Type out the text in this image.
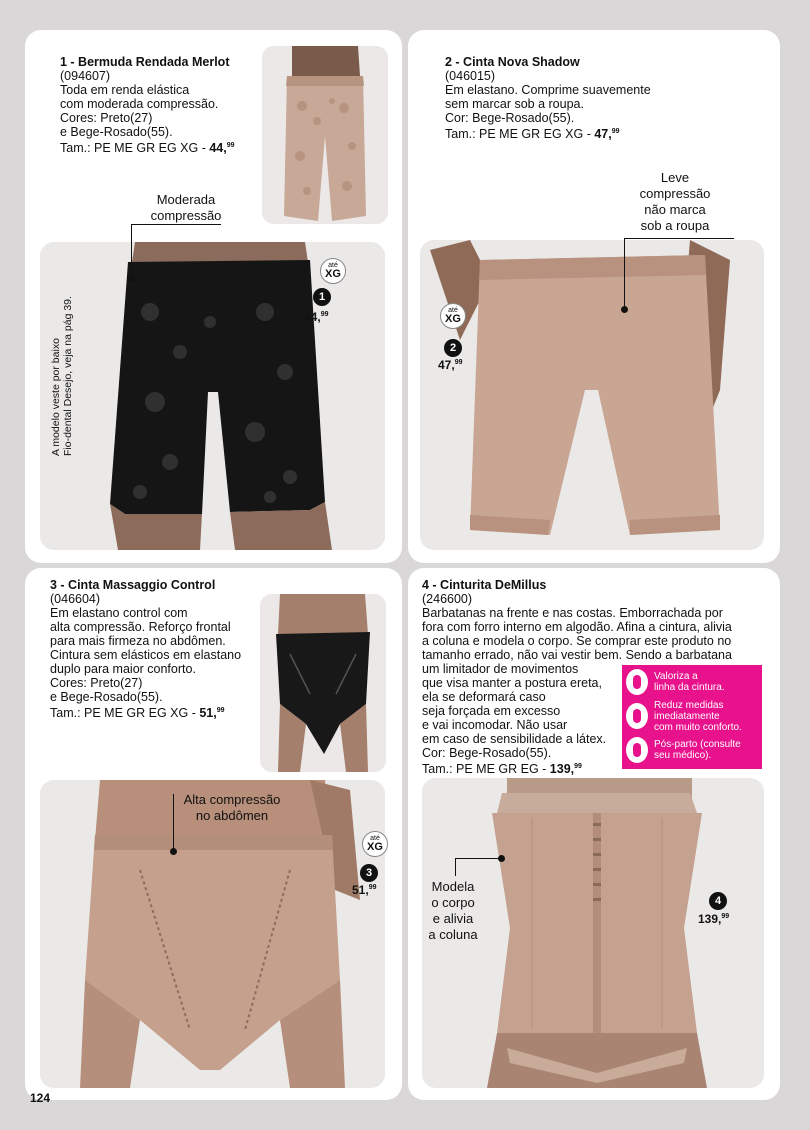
1 - Bermuda Rendada Merlot

(094607)

Toda em renda elástica

com moderada compressão.

Cores: Preto(27)

e Bege-Rosado(55).

Tam.: PE ME GR EG XG - 44,99

Moderada

compressão

A modelo veste por baixo Fio-dental Desejo, veja na pág 39.

até
XG
1
44,99

2 - Cinta Nova Shadow

(046015)

Em elastano. Comprime suavemente

sem marcar sob a roupa.

Cor: Bege-Rosado(55).

Tam.: PE ME GR EG XG - 47,99

Leve

compressão

não marca

sob a roupa

até
XG
2
47,99

3 - Cinta Massaggio Control

(046604)

Em elastano control com

alta compressão. Reforço frontal

para mais firmeza no abdômen.

Cintura sem elásticos em elastano

duplo para maior conforto.

Cores: Preto(27)

e Bege-Rosado(55).

Tam.: PE ME GR EG XG - 51,99

Alta compressão

no abdômen

até
XG
3
51,99

4 - Cinturita DeMillus

(246600)

Barbatanas na frente e nas costas. Emborrachada por

fora com forro interno em algodão. Afina a cintura, alivia

a coluna e modela o corpo. Se comprar este produto no

tamanho errado, não vai vestir bem. Sendo a barbatana

um limitador de movimentos

que visa manter a postura ereta,

ela se deformará caso

seja forçada em excesso

e vai incomodar. Não usar

em caso de sensibilidade a látex.

Cor: Bege-Rosado(55).

Tam.: PE ME GR EG - 139,99

Valoriza a

linha da cintura.

Reduz medidas

imediatamente

com muito conforto.

Pós-parto (consulte

seu médico).

Modela

o corpo

e alivia

a coluna

4
139,99
124
